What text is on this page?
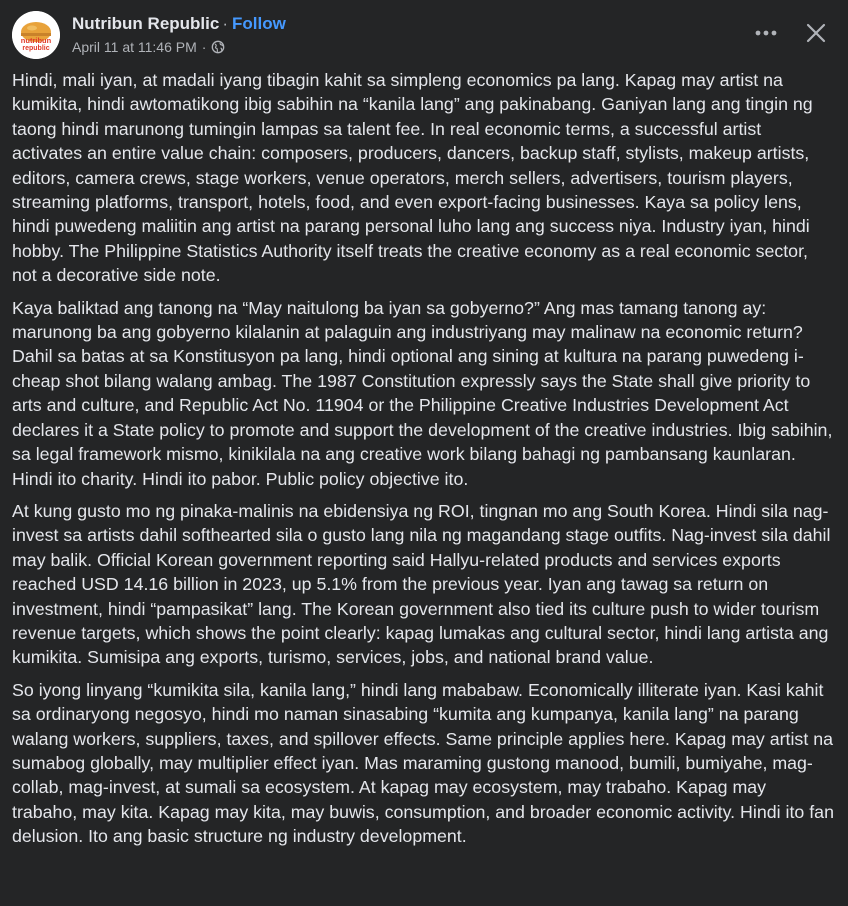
nutribun
republic
Nutribun Republic · Follow
April 11 at 11:46 PM ·

Hindi, mali iyan, at madali iyang tibagin kahit sa simpleng economics pa lang. Kapag may artist na kumikita, hindi awtomatikong ibig sabihin na “kanila lang” ang pakinabang. Ganiyan lang ang tingin ng taong hindi marunong tumingin lampas sa talent fee. In real economic terms, a successful artist activates an entire value chain: composers, producers, dancers, backup staff, stylists, makeup artists, editors, camera crews, stage workers, venue operators, merch sellers, advertisers, tourism players, streaming platforms, transport, hotels, food, and even export-facing businesses. Kaya sa policy lens, hindi puwedeng maliitin ang artist na parang personal luho lang ang success niya. Industry iyan, hindi hobby. The Philippine Statistics Authority itself treats the creative economy as a real economic sector, not a decorative side note.

Kaya baliktad ang tanong na “May naitulong ba iyan sa gobyerno?” Ang mas tamang tanong ay: marunong ba ang gobyerno kilalanin at palaguin ang industriyang may malinaw na economic return? Dahil sa batas at sa Konstitusyon pa lang, hindi optional ang sining at kultura na parang puwedeng i-cheap shot bilang walang ambag. The 1987 Constitution expressly says the State shall give priority to arts and culture, and Republic Act No. 11904 or the Philippine Creative Industries Development Act declares it a State policy to promote and support the development of the creative industries. Ibig sabihin, sa legal framework mismo, kinikilala na ang creative work bilang bahagi ng pambansang kaunlaran. Hindi ito charity. Hindi ito pabor. Public policy objective ito.

At kung gusto mo ng pinaka-malinis na ebidensiya ng ROI, tingnan mo ang South Korea. Hindi sila nag-invest sa artists dahil softhearted sila o gusto lang nila ng magandang stage outfits. Nag-invest sila dahil may balik. Official Korean government reporting said Hallyu-related products and services exports reached USD 14.16 billion in 2023, up 5.1% from the previous year. Iyan ang tawag sa return on investment, hindi “pampasikat” lang. The Korean government also tied its culture push to wider tourism revenue targets, which shows the point clearly: kapag lumakas ang cultural sector, hindi lang artista ang kumikita. Sumisipa ang exports, turismo, services, jobs, and national brand value.

So iyong linyang “kumikita sila, kanila lang,” hindi lang mababaw. Economically illiterate iyan. Kasi kahit sa ordinaryong negosyo, hindi mo naman sinasabing “kumita ang kumpanya, kanila lang” na parang walang workers, suppliers, taxes, and spillover effects. Same principle applies here. Kapag may artist na sumabog globally, may multiplier effect iyan. Mas maraming gustong manood, bumili, bumiyahe, mag-collab, mag-invest, at sumali sa ecosystem. At kapag may ecosystem, may trabaho. Kapag may trabaho, may kita. Kapag may kita, may buwis, consumption, and broader economic activity. Hindi ito fan delusion. Ito ang basic structure ng industry development.
